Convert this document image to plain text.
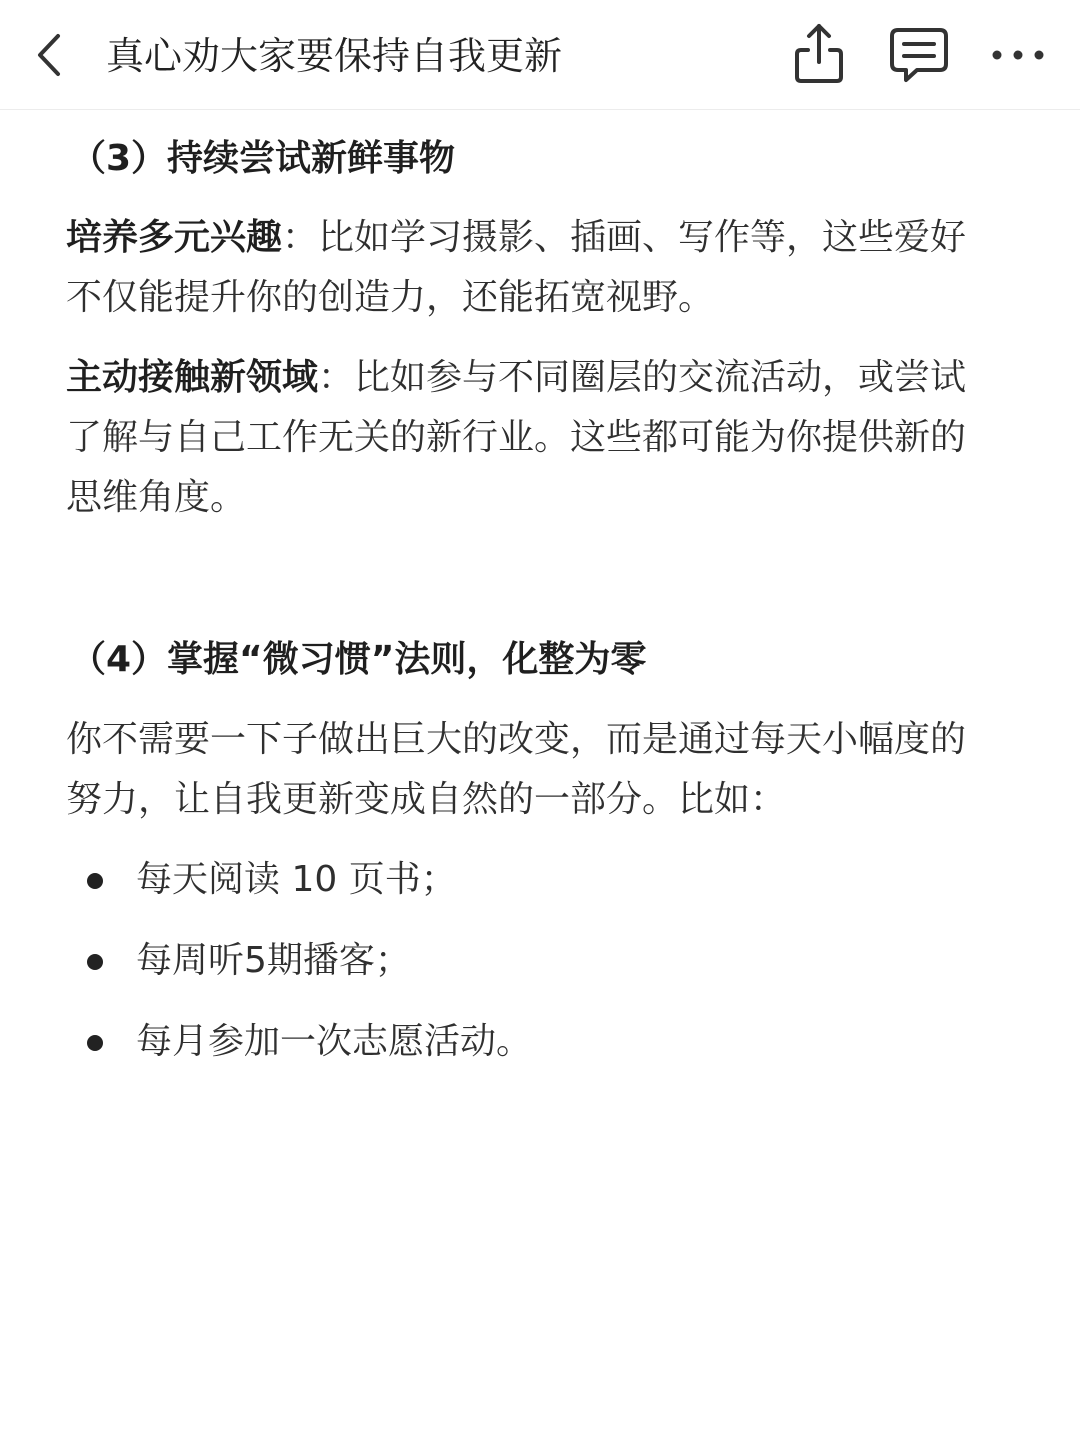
真心劝大家要保持自我更新
（3）持续尝试新鲜事物
培养多元兴趣：比如学习摄影、插画、写作等，这些爱好不仅能提升你的创造力，还能拓宽视野。
主动接触新领域：比如参与不同圈层的交流活动，或尝试了解与自己工作无关的新行业。这些都可能为你提供新的思维角度。
（4）掌握“微习惯”法则，化整为零
你不需要一下子做出巨大的改变，而是通过每天小幅度的努力，让自我更新变成自然的一部分。比如：
每天阅读 10 页书；
每周听5期播客；
每月参加一次志愿活动。
